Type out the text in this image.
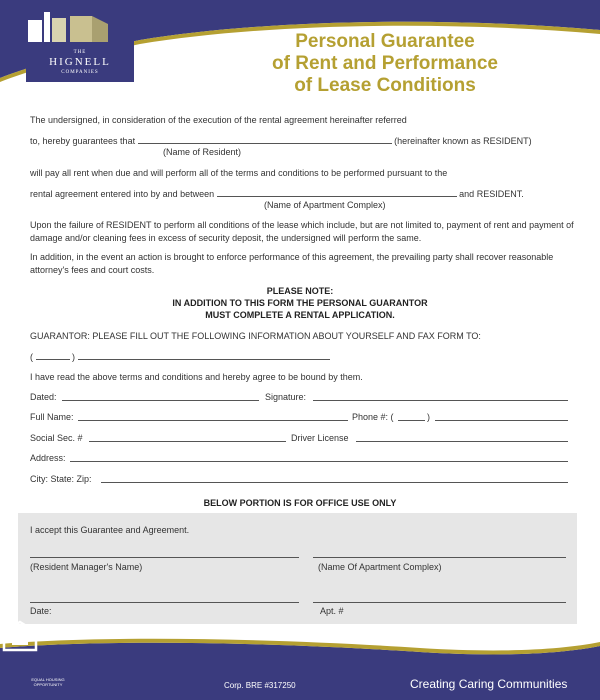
THE
HIGNELL
COMPANIES
Personal Guarantee
of Rent and Performance
of Lease Conditions
The undersigned, in consideration of the execution of the rental agreement hereinafter referred
to, hereby guarantees that	(hereinafter known as RESIDENT)
(Name of Resident)
will pay all rent when due and will perform all of the terms and conditions to be performed pursuant to the
rental agreement entered into by and between	and RESIDENT.
(Name of Apartment Complex)
Upon the failure of RESIDENT to perform all conditions of the lease which include, but are not limited to, payment of rent and payment of damage and/or cleaning fees in excess of security deposit, the undersigned will perform the same.
In addition, in the event an action is brought to enforce performance of this agreement, the prevailing party shall recover reasonable attorney's fees and court costs.
PLEASE NOTE:
IN ADDITION TO THIS FORM THE PERSONAL GUARANTOR
MUST COMPLETE A RENTAL APPLICATION.
GUARANTOR: PLEASE FILL OUT THE FOLLOWING INFORMATION ABOUT YOURSELF AND FAX FORM TO:
(	)
I have read the above terms and conditions and hereby agree to be bound by them.
Dated:	Signature:
Full Name:	Phone #: (	)
Social Sec. #	Driver License
Address:
City: State: Zip:
BELOW PORTION IS FOR OFFICE USE ONLY
I accept this Guarantee and Agreement.
(Resident Manager's Name)	(Name Of Apartment Complex)
Date:	Apt. #
EQUAL HOUSING OPPORTUNITY	Corp. BRE #317250	Creating Caring Communities
